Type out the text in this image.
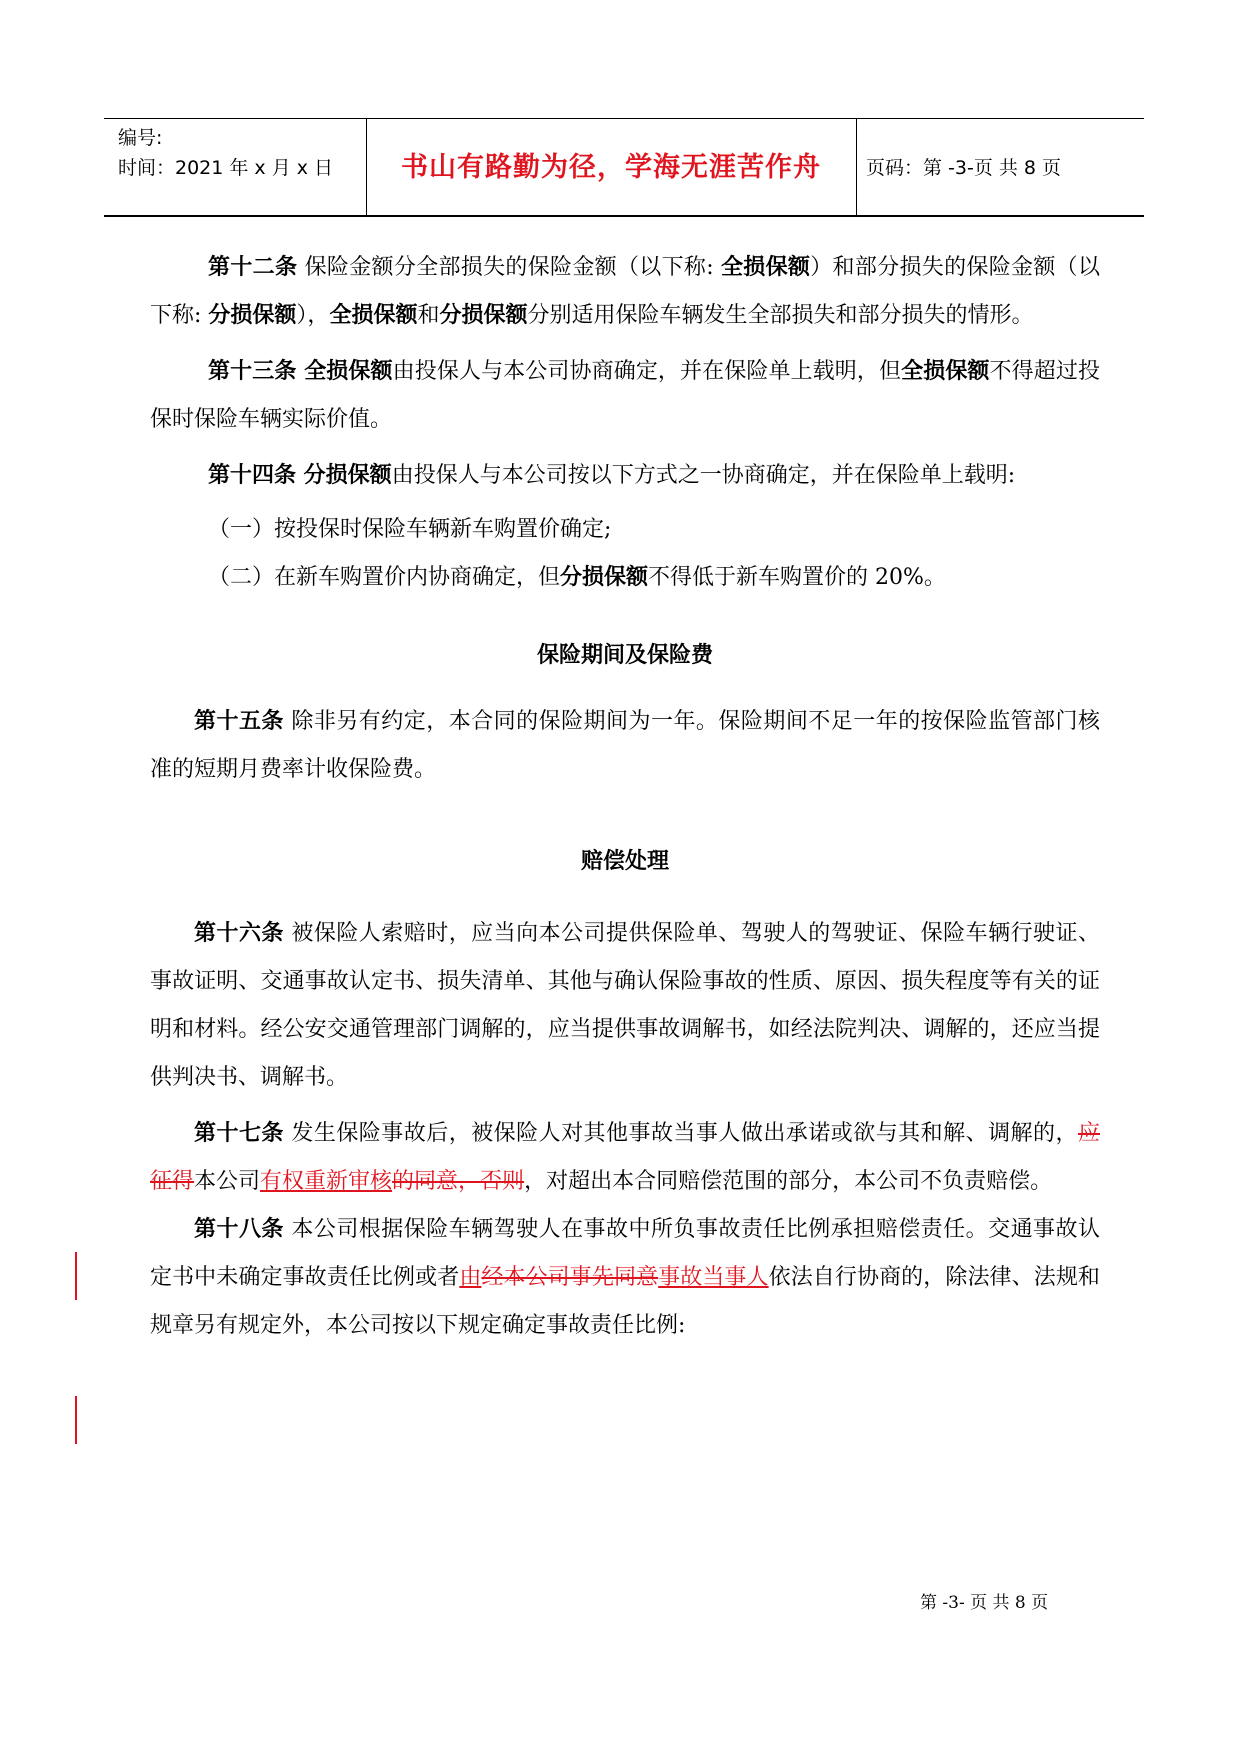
编号:
时间：2021 年 x 月 x 日	书山有路勤为径，学海无涯苦作舟	页码：第 -3-页 共 8 页

第十二条 保险金额分全部损失的保险金额（以下称: 全损保额）和部分损失的保险金额（以下称: 分损保额），全损保额和分损保额分别适用保险车辆发生全部损失和部分损失的情形。

第十三条 全损保额由投保人与本公司协商确定，并在保险单上载明，但全损保额不得超过投保时保险车辆实际价值。

第十四条 分损保额由投保人与本公司按以下方式之一协商确定，并在保险单上载明:

（一）按投保时保险车辆新车购置价确定;

（二）在新车购置价内协商确定，但分损保额不得低于新车购置价的 20%。

保险期间及保险费

第十五条 除非另有约定，本合同的保险期间为一年。保险期间不足一年的按保险监管部门核准的短期月费率计收保险费。

赔偿处理

第十六条 被保险人索赔时，应当向本公司提供保险单、驾驶人的驾驶证、保险车辆行驶证、事故证明、交通事故认定书、损失清单、其他与确认保险事故的性质、原因、损失程度等有关的证明和材料。经公安交通管理部门调解的，应当提供事故调解书，如经法院判决、调解的，还应当提供判决书、调解书。

第十七条 发生保险事故后，被保险人对其他事故当事人做出承诺或欲与其和解、调解的，应征得本公司有权重新审核的同意，否则，对超出本合同赔偿范围的部分，本公司不负责赔偿。

第十八条 本公司根据保险车辆驾驶人在事故中所负事故责任比例承担赔偿责任。交通事故认定书中未确定事故责任比例或者由经本公司事先同意事故当事人依法自行协商的，除法律、法规和规章另有规定外，本公司按以下规定确定事故责任比例:

第 -3- 页 共 8 页
